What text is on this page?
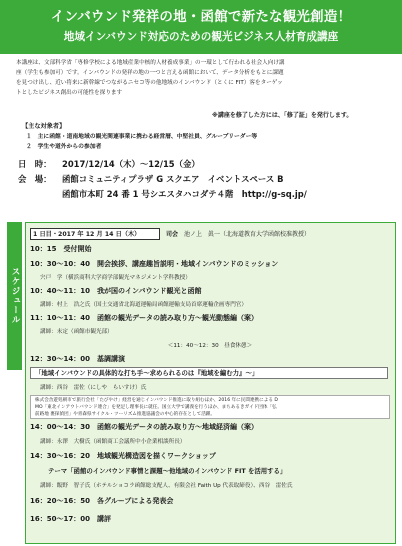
インバウンド発祥の地・函館で新たな観光創造！
地域インバウンド対応のための観光ビジネス人材育成講座
本講座は、文部科学省「専修学校による地域産業中核的人材養成事業」の一環として行われる社会人向け講
座（学生も参加可）です。インバウンドの発祥の地の一つと言える函館において、データ分析をもとに課題
を見つけ出し、近い将来に新幹線でつながるニセコ等の他地域のインバウンド（とくに FIT）客をターゲッ
トとしたビジネス創出の可能性を探ります
※講座を修了した方には、「修了証」を発行します。
【主な対象者】
１　主に函館・道南地域の観光関連事業に携わる経営層、中堅社員、グループリーダー等
２　学生や道外からの参加者
日　時： 2017/12/14（木）～12/15（金）
会　場： 函館コミュニティプラザ G スクエア　イベントスペース B
函館市本町 24 番 1 号シエスタハコダテ４階　http://g-sq.jp/
スケジュール
1 日目・2017 年 12 月 14 日（木）	司会 池ノ上　眞一（北海道教育大学函館校准教授）
10：15　受付開始
10：30～10：40　開会挨拶、講座趣旨説明・地域インバウンドのミッション
宍戸　学（横浜商科大学商学部観光マネジメント学科教授）
10：40～11：10　我が国のインバウンド観光と函館
講師：村上　浩之氏（国土交通省北海道運輸局函館運輸支局首席運輸企画専門官）
11：10～11：40　函館の観光データの読み取り方～観光動態編（案）
講師：未定（函館市観光部）
＜11：40～12：30　昼食休憩＞
12：30～14：00　基調講演
「地域インバウンドの具体的な打ち手～求められるのは『地域を編む力』～」
講師：西谷　雷佐（にしや　らいすけ）氏
株式会舎遊処朝市で旅行会社「たびやけ」経営を通じインバウンド推進に取り組むほか、2016 年に民間連携による D
MO「東北インアウトバウンド連合」を発足し理事長に就任。国立大学で講義を行うほか、まちあるきガイド団体「弘
前路地 裏探偵団」や青森県サイクル・ツーリズム推進協議会の中心的存在として活躍。
14：00～14：30　函館の観光データの読み取り方～地域経済編（案）
講師：永澤　大樹氏（函館商工会議所中小企業相談所長）
14：30～16：20　地域観光構造図を描くワークショップ
テーマ「函館のインバウンド事情と課題～他地域のインバウンド FIT を活用する」
講師：飯野　智子氏（ホテルショコラ函館総支配人、有限会社 Faith Up 代表取締役）、西谷　雷佐氏
16：20～16：50　各グループによる発表会
16：50～17：00　講評
